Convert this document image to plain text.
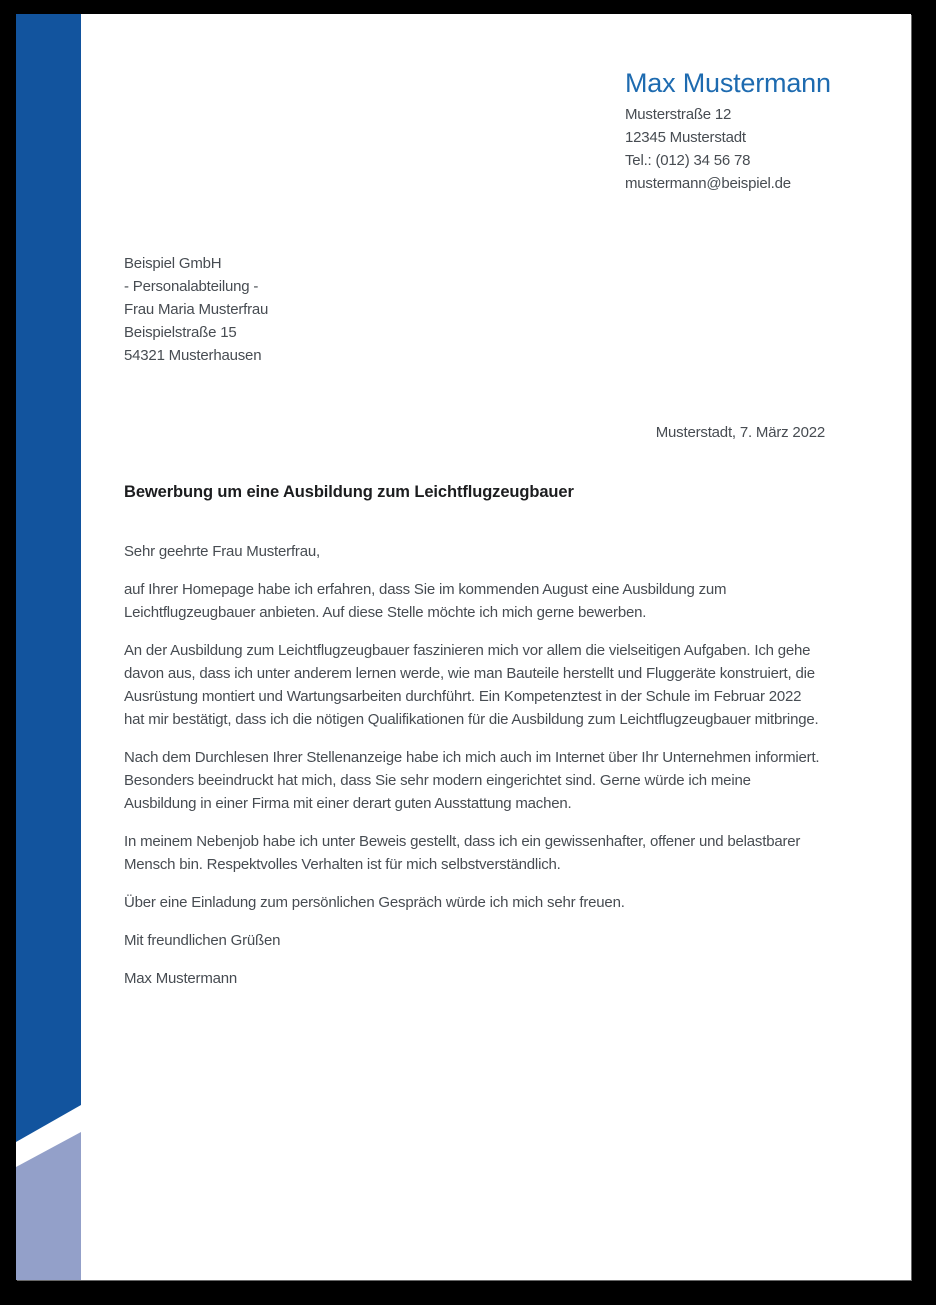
Max Mustermann
Musterstraße 12
12345 Musterstadt
Tel.: (012) 34 56 78
mustermann@beispiel.de
Beispiel GmbH
- Personalabteilung -
Frau Maria Musterfrau
Beispielstraße 15
54321 Musterhausen
Musterstadt, 7. März 2022
Bewerbung um eine Ausbildung zum Leichtflugzeugbauer

Sehr geehrte Frau Musterfrau,

auf Ihrer Homepage habe ich erfahren, dass Sie im kommenden August eine Ausbildung zum Leichtflugzeugbauer anbieten. Auf diese Stelle möchte ich mich gerne bewerben.

An der Ausbildung zum Leichtflugzeugbauer faszinieren mich vor allem die vielseitigen Aufgaben. Ich gehe davon aus, dass ich unter anderem lernen werde, wie man Bauteile herstellt und Fluggeräte konstruiert, die Ausrüstung montiert und Wartungsarbeiten durchführt. Ein Kompetenztest in der Schule im Februar 2022 hat mir bestätigt, dass ich die nötigen Qualifikationen für die Ausbildung zum Leichtflugzeugbauer mitbringe.

Nach dem Durchlesen Ihrer Stellenanzeige habe ich mich auch im Internet über Ihr Unternehmen informiert. Besonders beeindruckt hat mich, dass Sie sehr modern eingerichtet sind. Gerne würde ich meine Ausbildung in einer Firma mit einer derart guten Ausstattung machen.

In meinem Nebenjob habe ich unter Beweis gestellt, dass ich ein gewissenhafter, offener und belastbarer Mensch bin. Respektvolles Verhalten ist für mich selbstverständlich.

Über eine Einladung zum persönlichen Gespräch würde ich mich sehr freuen.

Mit freundlichen Grüßen

Max Mustermann
